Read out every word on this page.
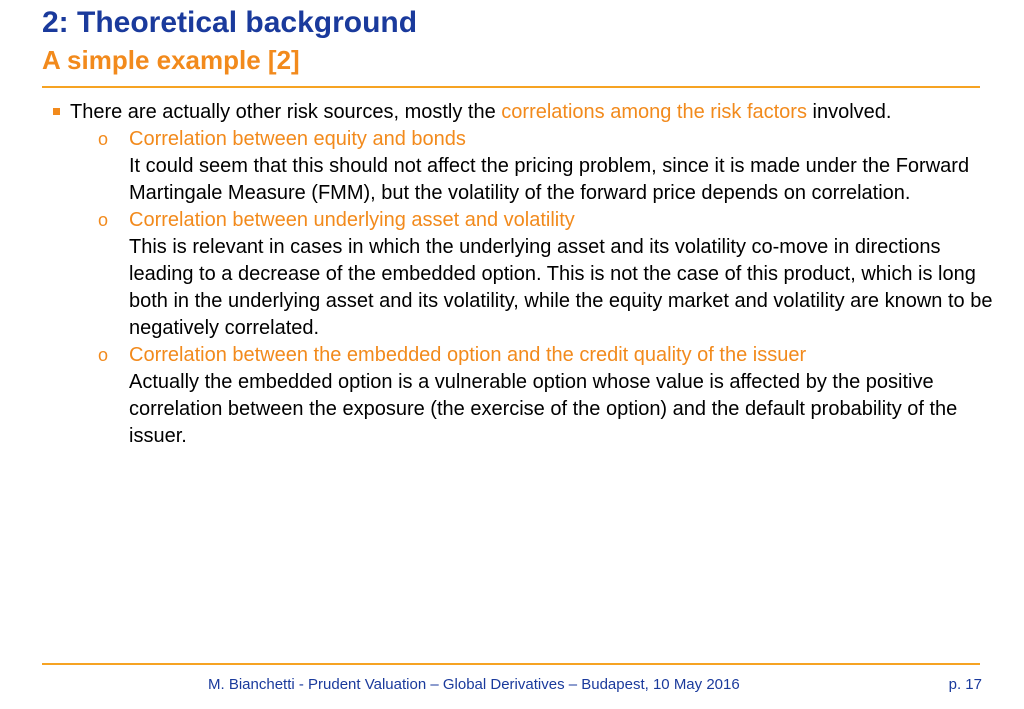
2: Theoretical background
A simple example [2]
There are actually other risk sources, mostly the correlations among the risk factors involved.
o Correlation between equity and bonds
It could seem that this should not affect the pricing problem, since it is made under the Forward Martingale Measure (FMM), but the volatility of the forward price depends on correlation.
o Correlation between underlying asset and volatility
This is relevant in cases in which the underlying asset and its volatility co-move in directions leading to a decrease of the embedded option. This is not the case of this product, which is long both in the underlying asset and its volatility, while the equity market and volatility are known to be negatively correlated.
o Correlation between the embedded option and the credit quality of the issuer
Actually the embedded option is a vulnerable option whose value is affected by the positive correlation between the exposure (the exercise of the option) and the default probability of the issuer.
M. Bianchetti - Prudent Valuation – Global Derivatives – Budapest, 10 May 2016	p. 17
